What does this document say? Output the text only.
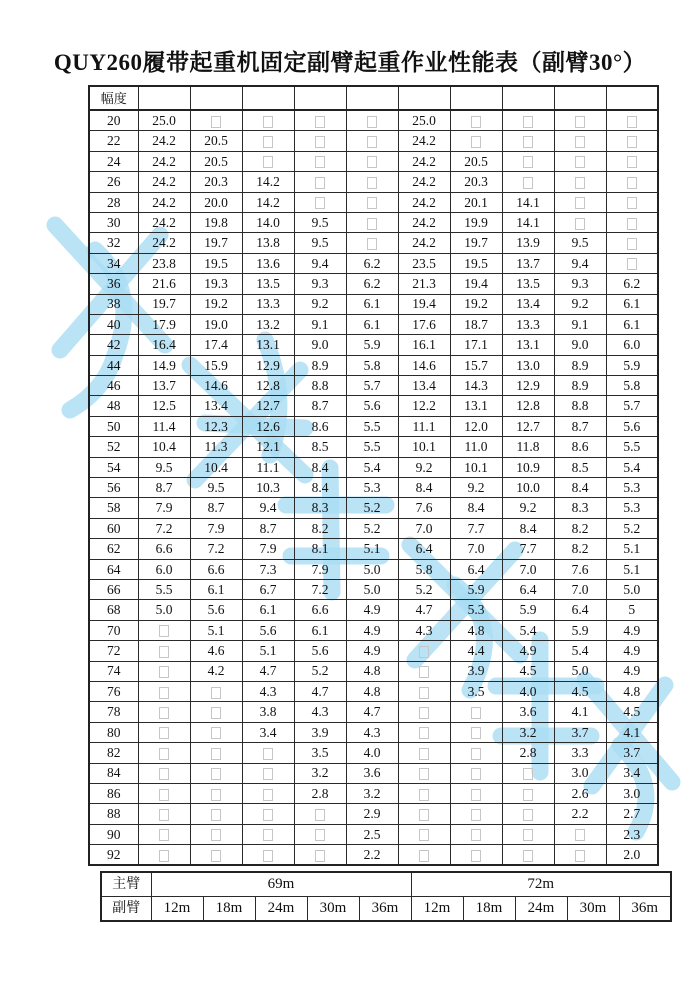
QUY260履带起重机固定副臂起重作业性能表（副臂30°）
幅度										
20	25.0					25.0				
22	24.2	20.5				24.2				
24	24.2	20.5				24.2	20.5			
26	24.2	20.3	14.2			24.2	20.3			
28	24.2	20.0	14.2			24.2	20.1	14.1		
30	24.2	19.8	14.0	9.5		24.2	19.9	14.1		
32	24.2	19.7	13.8	9.5		24.2	19.7	13.9	9.5	
34	23.8	19.5	13.6	9.4	6.2	23.5	19.5	13.7	9.4	
36	21.6	19.3	13.5	9.3	6.2	21.3	19.4	13.5	9.3	6.2
38	19.7	19.2	13.3	9.2	6.1	19.4	19.2	13.4	9.2	6.1
40	17.9	19.0	13.2	9.1	6.1	17.6	18.7	13.3	9.1	6.1
42	16.4	17.4	13.1	9.0	5.9	16.1	17.1	13.1	9.0	6.0
44	14.9	15.9	12.9	8.9	5.8	14.6	15.7	13.0	8.9	5.9
46	13.7	14.6	12.8	8.8	5.7	13.4	14.3	12.9	8.9	5.8
48	12.5	13.4	12.7	8.7	5.6	12.2	13.1	12.8	8.8	5.7
50	11.4	12.3	12.6	8.6	5.5	11.1	12.0	12.7	8.7	5.6
52	10.4	11.3	12.1	8.5	5.5	10.1	11.0	11.8	8.6	5.5
54	9.5	10.4	11.1	8.4	5.4	9.2	10.1	10.9	8.5	5.4
56	8.7	9.5	10.3	8.4	5.3	8.4	9.2	10.0	8.4	5.3
58	7.9	8.7	9.4	8.3	5.2	7.6	8.4	9.2	8.3	5.3
60	7.2	7.9	8.7	8.2	5.2	7.0	7.7	8.4	8.2	5.2
62	6.6	7.2	7.9	8.1	5.1	6.4	7.0	7.7	8.2	5.1
64	6.0	6.6	7.3	7.9	5.0	5.8	6.4	7.0	7.6	5.1
66	5.5	6.1	6.7	7.2	5.0	5.2	5.9	6.4	7.0	5.0
68	5.0	5.6	6.1	6.6	4.9	4.7	5.3	5.9	6.4	5
70		5.1	5.6	6.1	4.9	4.3	4.8	5.4	5.9	4.9
72		4.6	5.1	5.6	4.9		4.4	4.9	5.4	4.9
74		4.2	4.7	5.2	4.8		3.9	4.5	5.0	4.9
76			4.3	4.7	4.8		3.5	4.0	4.5	4.8
78			3.8	4.3	4.7			3.6	4.1	4.5
80			3.4	3.9	4.3			3.2	3.7	4.1
82				3.5	4.0			2.8	3.3	3.7
84				3.2	3.6				3.0	3.4
86				2.8	3.2				2.6	3.0
88					2.9				2.2	2.7
90					2.5					2.3
92					2.2					2.0
主臂	69m					72m				
副臂	12m	18m	24m	30m	36m	12m	18m	24m	30m	36m
